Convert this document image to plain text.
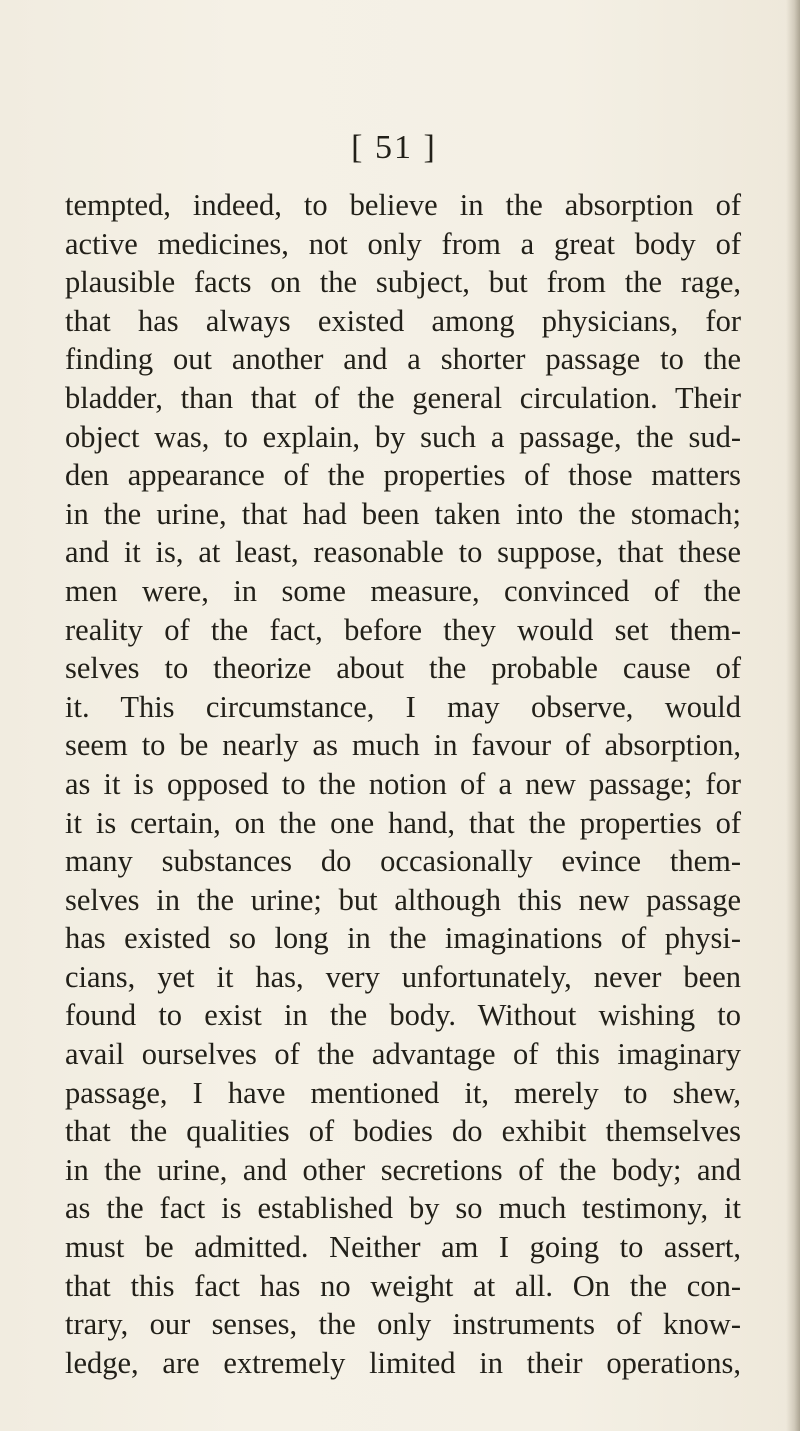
[ 51 ]
tempted, indeed, to believe in the absorption of
active medicines, not only from a great body of
plausible facts on the subject, but from the rage,
that has always existed among physicians, for
finding out another and a shorter passage to the
bladder, than that of the general circulation. Their
object was, to explain, by such a passage, the sud-
den appearance of the properties of those matters
in the urine, that had been taken into the stomach;
and it is, at least, reasonable to suppose, that these
men were, in some measure, convinced of the
reality of the fact, before they would set them-
selves to theorize about the probable cause of
it. This circumstance, I may observe, would
seem to be nearly as much in favour of absorption,
as it is opposed to the notion of a new passage; for
it is certain, on the one hand, that the properties of
many substances do occasionally evince them-
selves in the urine; but although this new passage
has existed so long in the imaginations of physi-
cians, yet it has, very unfortunately, never been
found to exist in the body. Without wishing to
avail ourselves of the advantage of this imaginary
passage, I have mentioned it, merely to shew,
that the qualities of bodies do exhibit themselves
in the urine, and other secretions of the body; and
as the fact is established by so much testimony, it
must be admitted. Neither am I going to assert,
that this fact has no weight at all. On the con-
trary, our senses, the only instruments of know-
ledge, are extremely limited in their operations,
